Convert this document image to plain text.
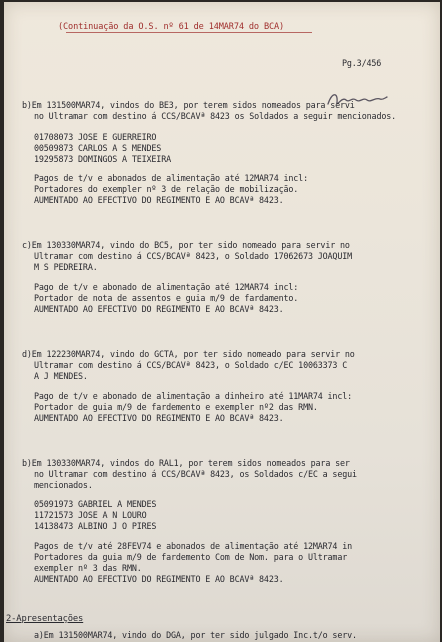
(Continuação da O.S. nº 61 de 14MAR74 do BCA)
Pg.3/456
b)Em 131500MAR74, vindos do BE3, por terem sidos nomeados para servi
no Ultramar com destino á CCS/BCAVª 8423 os Soldados a seguir mencionados.
01708073 JOSE E GUERREIRO
00509873 CARLOS A S MENDES
19295873 DOMINGOS A TEIXEIRA
Pagos de t/v e abonados de alimentação até 12MAR74 incl:
Portadores do exempler nº 3 de relação de mobilização.
AUMENTADO AO EFECTIVO DO REGIMENTO E AO BCAVª 8423.
c)Em 130330MAR74, vindo do BC5, por ter sido nomeado para servir no
Ultramar com destino á CCS/BCAVª 8423, o Soldado 17062673 JOAQUIM
M S PEDREIRA.
Pago de t/v e abonado de alimentação até 12MAR74 incl:
Portador de nota de assentos e guia m/9 de fardamento.
AUMENTADO AO EFECTIVO DO REGIMENTO E AO BCAVª 8423.
d)Em 122230MAR74, vindo do GCTA, por ter sido nomeado para servir no
Ultramar com destino á CCS/BCAVª 8423, o Soldado c/EC 10063373 C
A J MENDES.
Pago de t/v e abonado de alimentação a dinheiro até 11MAR74 incl:
Portador de guia m/9 de fardemento e exempler nº2 das RMN.
AUMENTADO AO EFECTIVO DO REGIMENTO E AO BCAVª 8423.
b)Em 130330MAR74, vindos do RAL1, por terem sidos nomeados para ser
no Ultramar com destino á CCS/BCAVª 8423, os Soldados c/EC a segui
mencionados.
05091973 GABRIEL A MENDES
11721573 JOSE A N LOURO
14138473 ALBINO J O PIRES
Pagos de t/v até 28FEV74 e abonados de alimentação até 12MAR74 in
Portadores da guia m/9 de fardemento Com de Nom. para o Ultramar
exempler nº 3 das RMN.
AUMENTADO AO EFECTIVO DO REGIMENTO E AO BCAVª 8423.
2-Apresentações
a)Em 131500MAR74, vindo do DGA, por ter sido julgado Inc.t/o serv.
